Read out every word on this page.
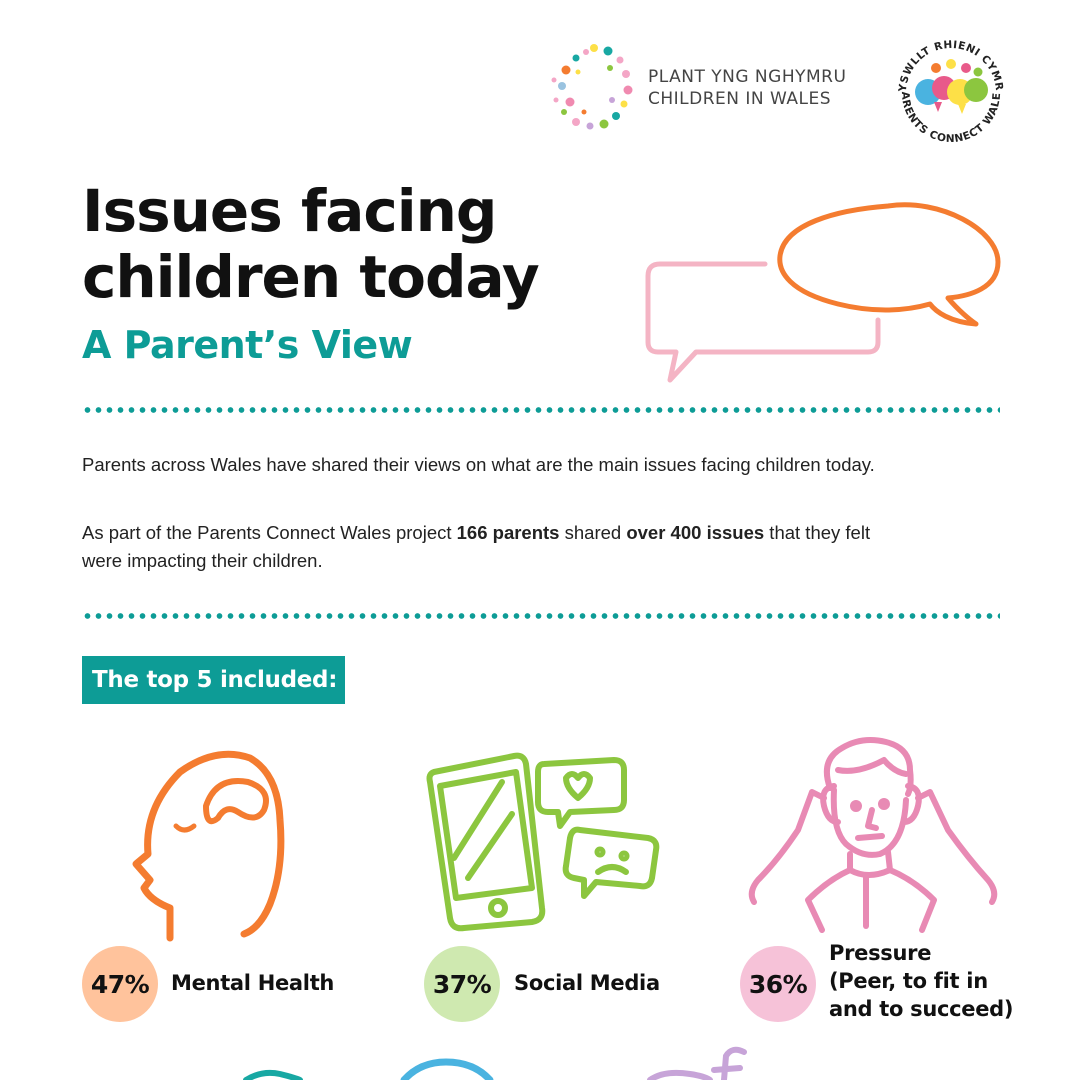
PLANT YNG NGHYMRU
CHILDREN IN WALES
YSWLLT RHIENI CYMR
ARENTS CONNECT WALE
Issues facing
children today
A Parent’s View
Parents across Wales have shared their views on what are the main issues facing children today.
As part of the Parents Connect Wales project 166 parents shared over 400 issues that they felt were impacting their children.
The top 5 included:
47%	Mental Health	37%	Social Media	36%
Pressure
(Peer, to fit in
and to succeed)
